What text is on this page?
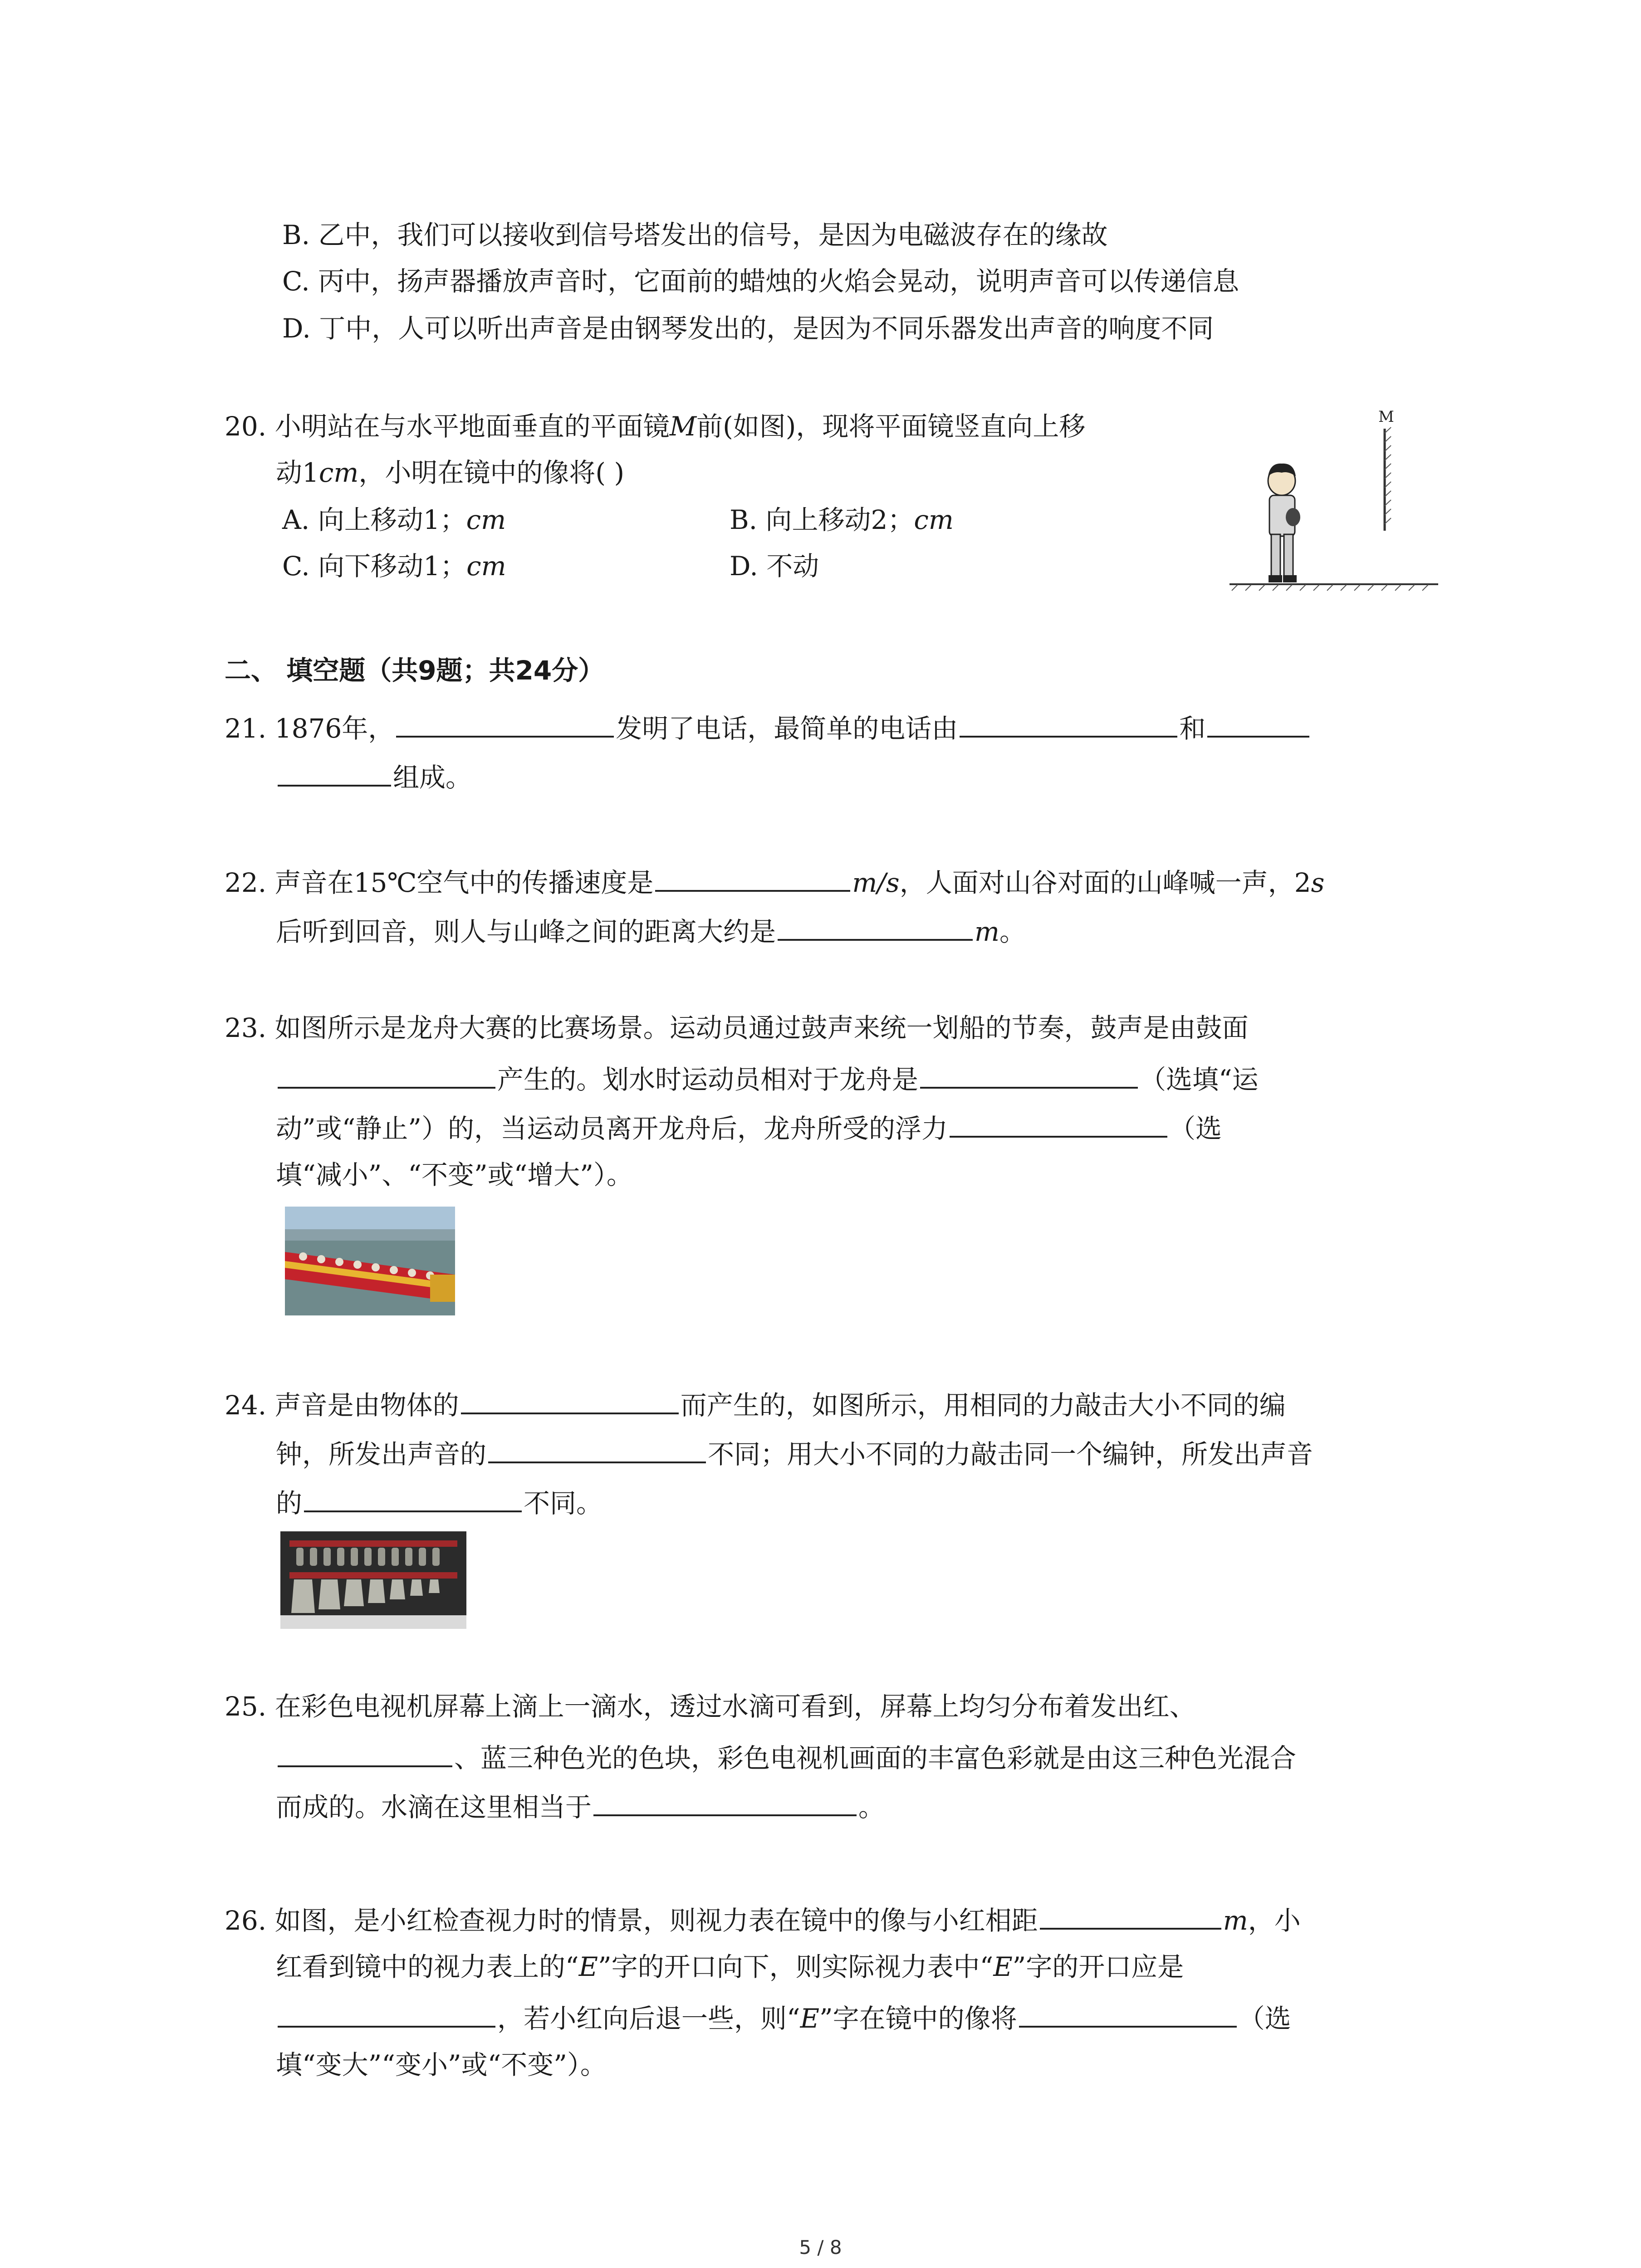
B. 乙中，我们可以接收到信号塔发出的信号，是因为电磁波存在的缘故
C. 丙中，扬声器播放声音时，它面前的蜡烛的火焰会晃动，说明声音可以传递信息
D. 丁中，人可以听出声音是由钢琴发出的，是因为不同乐器发出声音的响度不同
20. 小明站在与水平地面垂直的平面镜M前(如图)，现将平面镜竖直向上移
动1cm，小明在镜中的像将( )
A. 向上移动1；cm	B. 向上移动2；cm
C. 向下移动1；cm	D. 不动
M
二、 填空题（共9题；共24分）
21. 1876年，	发明了电话，最简单的电话由	和
组成。
22. 声音在15℃空气中的传播速度是	m/s，人面对山谷对面的山峰喊一声，2s
后听到回音，则人与山峰之间的距离大约是	m。
23. 如图所示是龙舟大赛的比赛场景。运动员通过鼓声来统一划船的节奏，鼓声是由鼓面
产生的。划水时运动员相对于龙舟是	（选填“运
动”或“静止”）的，当运动员离开龙舟后，龙舟所受的浮力	（选
填“减小”、“不变”或“增大”）。
24. 声音是由物体的	而产生的，如图所示，用相同的力敲击大小不同的编
钟，所发出声音的	不同；用大小不同的力敲击同一个编钟，所发出声音
的	不同。
25. 在彩色电视机屏幕上滴上一滴水，透过水滴可看到，屏幕上均匀分布着发出红、
、蓝三种色光的色块，彩色电视机画面的丰富色彩就是由这三种色光混合
而成的。水滴在这里相当于	。
26. 如图，是小红检查视力时的情景，则视力表在镜中的像与小红相距	m，小
红看到镜中的视力表上的“E”字的开口向下，则实际视力表中“E”字的开口应是
，若小红向后退一些，则“E”字在镜中的像将	（选
填“变大”“变小”或“不变”）。
5 / 8
